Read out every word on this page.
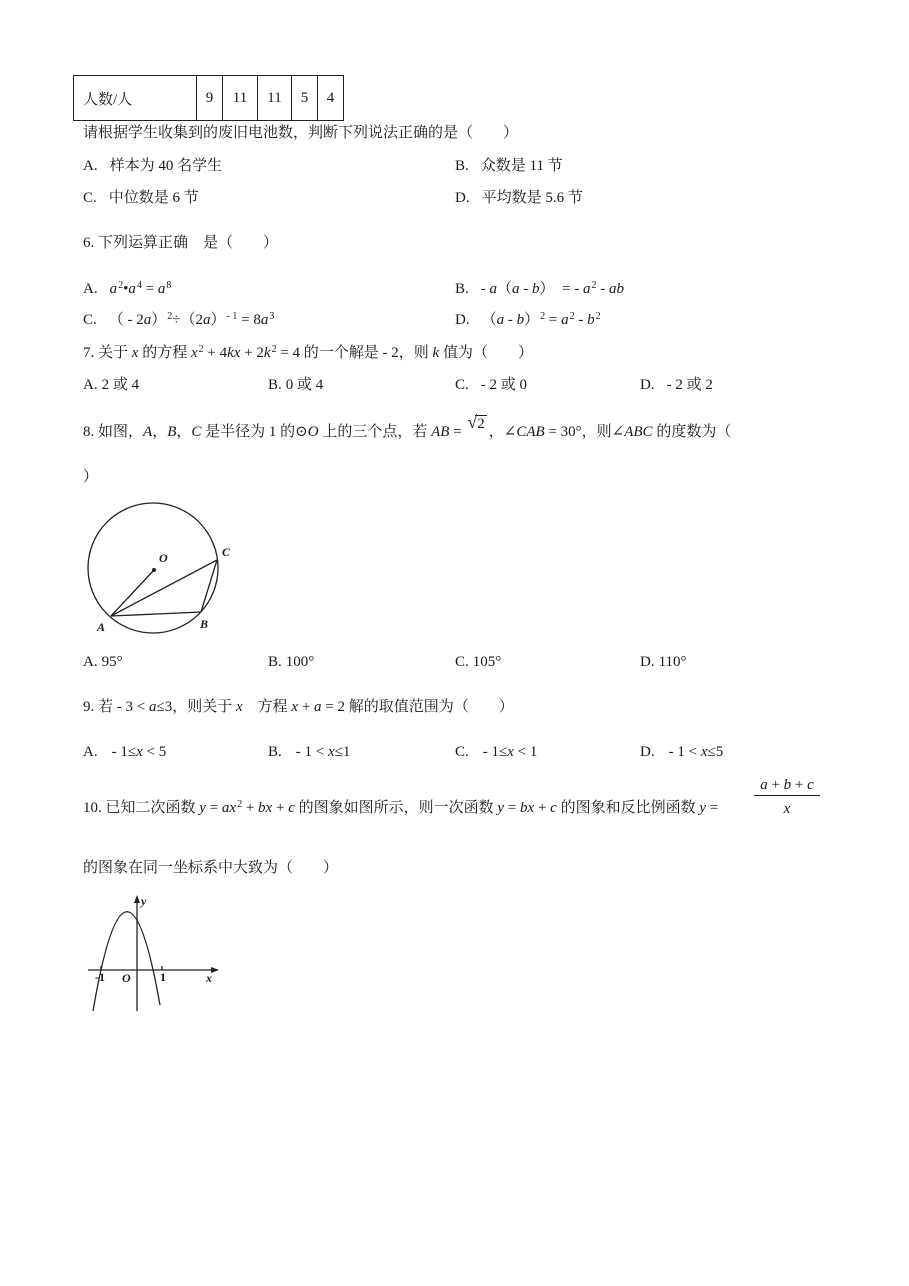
人数/人	9	11	11	5	4
请根据学生收集到的废旧电池数，判断下列说法正确的是（　　）
A. 样本为 40 名学生	B. 众数是 11 节
C. 中位数是 6 节	D. 平均数是 5.6 节
6. 下列运算正确　是（　　）
A. $a^2•a^4 = a^8$	B. - a（a - b）　= - $a^2$ - ab
C. （ - $2a)^2\div(2a)^{- 1} = 8a^3$	D. $(a - b)^2 = a^2 - b^2$
7. 关于 x 的方程 $x^2 + 4kx + 2k^2 = 4$ 的一个解是 - 2，则 k 值为（　　）
A. 2 或 4	B. 0 或 4	C. - 2 或 0	D. - 2 或 2
8. 如图，A，B，C 是半径为 1 的⊙O 上的三个点，若 AB = √2 ，∠CAB = 30°，则∠ABC 的度数为（
）
O	C
A	B
A. 95°	B. 100°	C. 105°	D. 110°
9. 若 - 3 < a≤3，则关于 x　方程 x + a = 2 解的取值范围为（　　）
A. - 1≤x < 5	B. - 1 < x≤1	C. - 1≤x < 1	D. - 1 < x≤5
10. 已知二次函数 $y = ax^2$ + bx + c 的图象如图所示，则一次函数 y = bx + c 的图象和反比例函数 y =
$\frac{a + b + c}{x}$
的图象在同一坐标系中大致为（　　）
y
x
-1 O 1
